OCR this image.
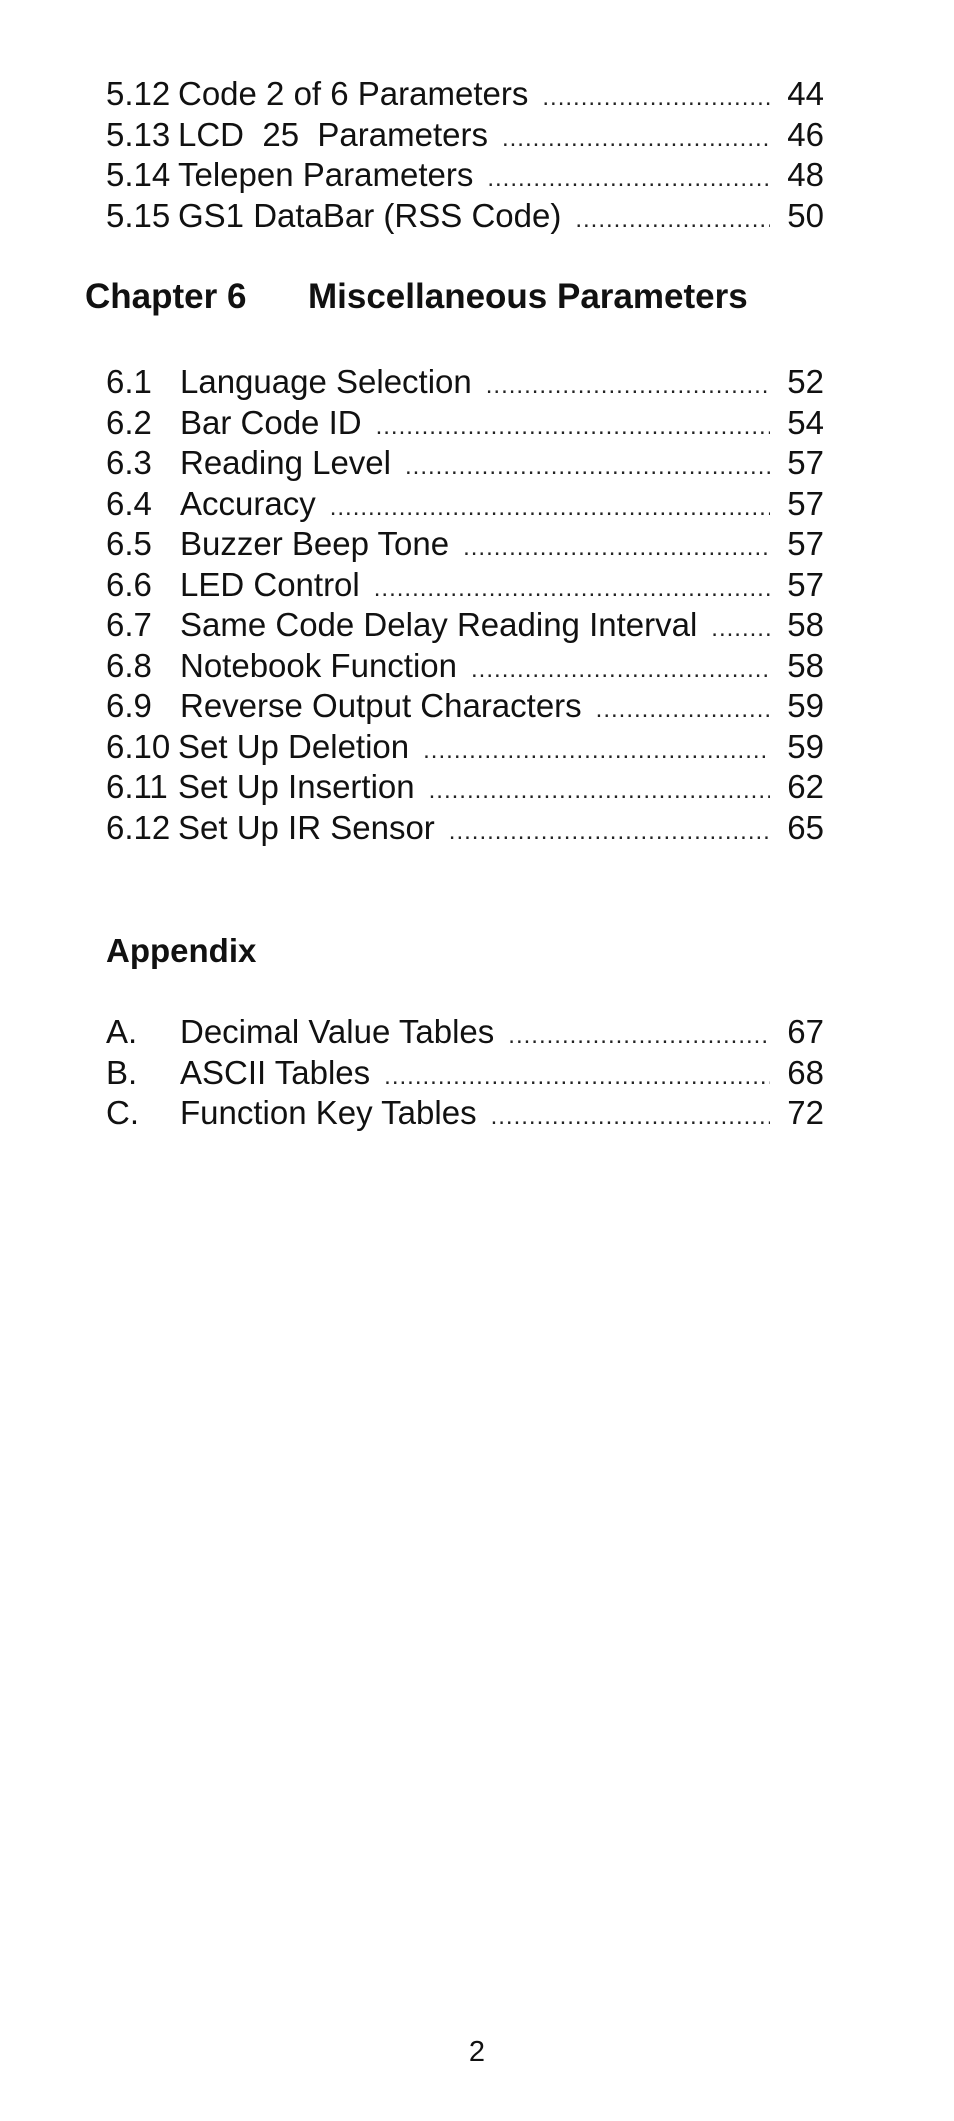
5.12 Code 2 of 6 Parameters .....	44
5.13 LCD  25  Parameters .....	46
5.14 Telepen Parameters .....	48
5.15 GS1 DataBar (RSS Code) .....	50
Chapter 6 Miscellaneous Parameters
6.1 Language Selection .....	52
6.2 Bar Code ID .....	54
6.3 Reading Level .....	57
6.4 Accuracy .....	57
6.5 Buzzer Beep Tone .....	57
6.6 LED Control .....	57
6.7 Same Code Delay Reading Interval .....	58
6.8 Notebook Function .....	58
6.9 Reverse Output Characters .....	59
6.10 Set Up Deletion .....	59
6.11 Set Up Insertion .....	62
6.12 Set Up IR Sensor .....	65
Appendix
A.	Decimal Value Tables .....	67
B.	ASCII Tables .....	68
C.	Function Key Tables .....	72
2
